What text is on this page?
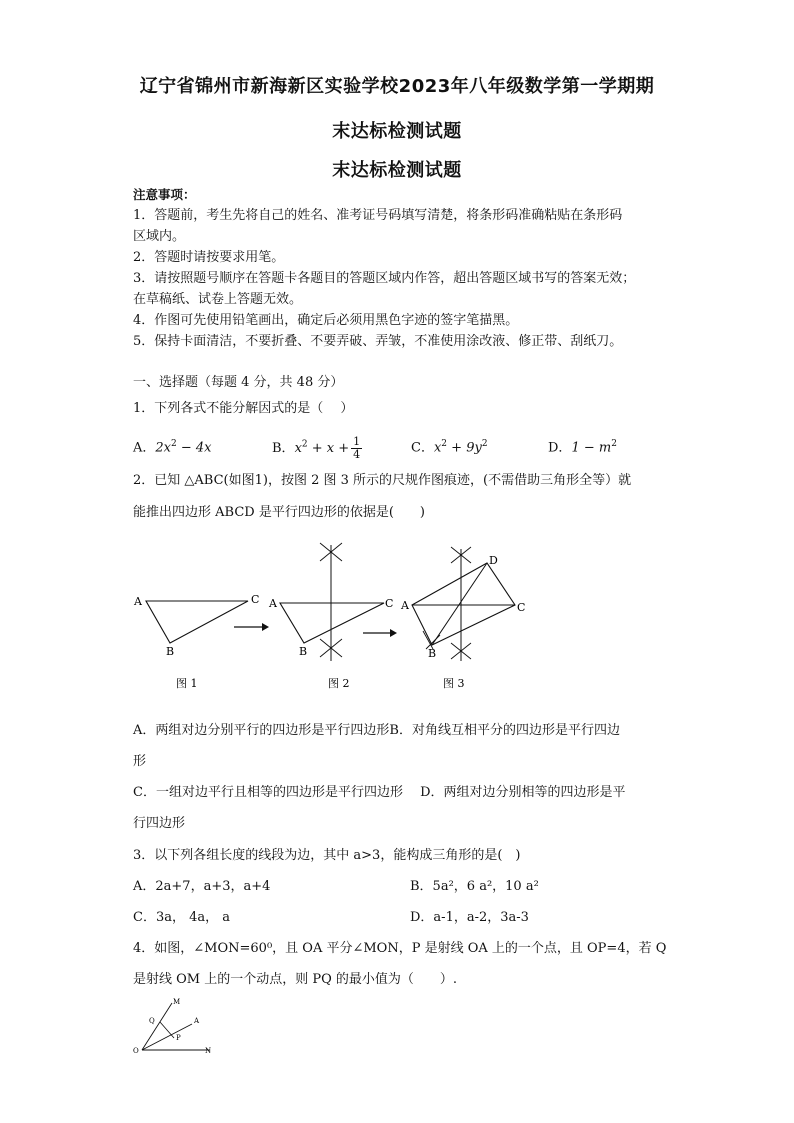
辽宁省锦州市新海新区实验学校2023年八年级数学第一学期期
末达标检测试题
末达标检测试题
注意事项：
1．答题前，考生先将自己的姓名、准考证号码填写清楚，将条形码准确粘贴在条形码
区域内。
2．答题时请按要求用笔。
3．请按照题号顺序在答题卡各题目的答题区域内作答，超出答题区域书写的答案无效；
在草稿纸、试卷上答题无效。
4．作图可先使用铅笔画出，确定后必须用黑色字迹的签字笔描黑。
5．保持卡面清洁，不要折叠、不要弄破、弄皱，不准使用涂改液、修正带、刮纸刀。
一、选择题（每题 4 分，共 48 分）
1．下列各式不能分解因式的是（　 ）
A．$2x^2 - 4x$	B．$x^2 + x + \frac{1}{4}$	C．$x^2 + 9y^2$	D．$1 - m^2$
2．已知 △ABC(如图1)，按图 2 图 3 所示的尺规作图痕迹，(不需借助三角形全等）就
能推出四边形 ABCD 是平行四边形的依据是(　　)
A	C
B
图 1
A	C
B
图 2
A
D
C
B
图 3
A．两组对边分别平行的四边形是平行四边形B．对角线互相平分的四边形是平行四边
形
C．一组对边平行且相等的四边形是平行四边形　 D．两组对边分别相等的四边形是平
行四边形
3．以下列各组长度的线段为边，其中 a>3，能构成三角形的是(　)
A．2a+7，a+3，a+4	B．5a²，6 a²，10 a²
C．3a， 4a， a	D．a-1，a-2，3a-3
4．如图，∠MON=60⁰，且 OA 平分∠MON，P 是射线 OA 上的一个点，且 OP=4，若 Q
是射线 OM 上的一个动点，则 PQ 的最小值为（　　）.
M
Q	A
P
O	N
